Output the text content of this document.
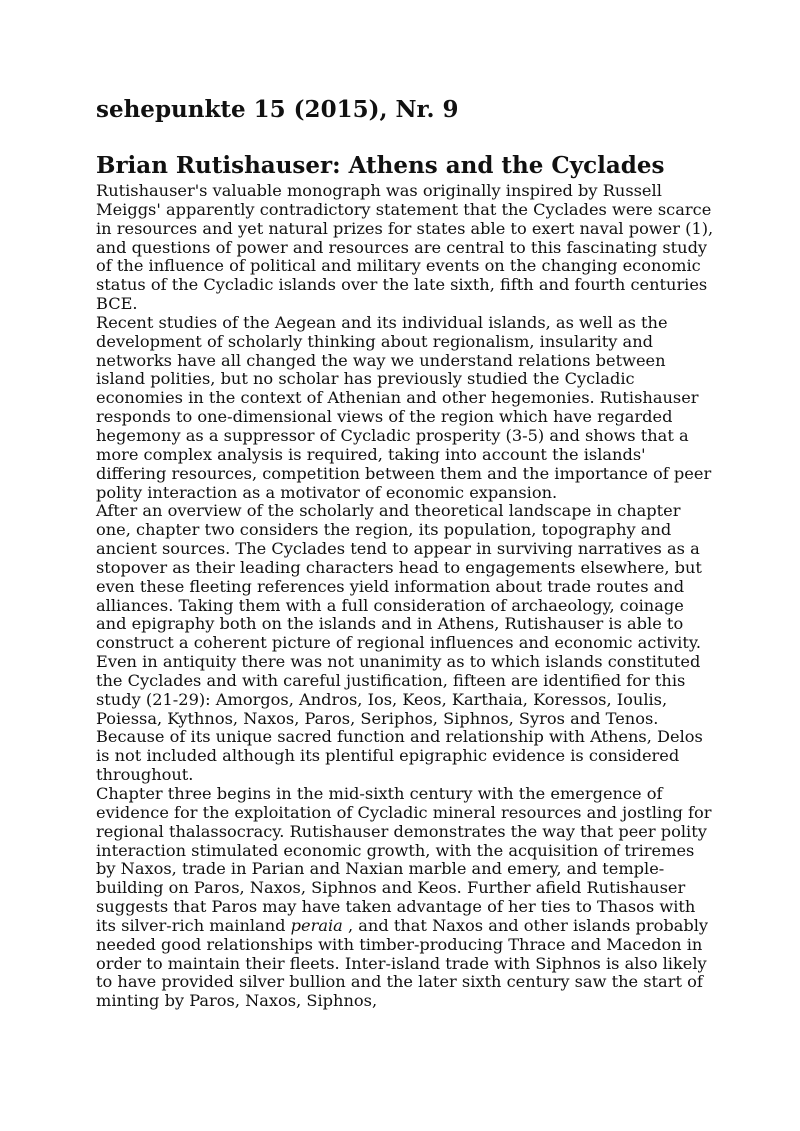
sehepunkte 15 (2015), Nr. 9
Brian Rutishauser: Athens and the Cyclades

Rutishauser's valuable monograph was originally inspired by Russell Meiggs' apparently contradictory statement that the Cyclades were scarce in resources and yet natural prizes for states able to exert naval power (1), and questions of power and resources are central to this fascinating study of the influence of political and military events on the changing economic status of the Cycladic islands over the late sixth, fifth and fourth centuries BCE.

Recent studies of the Aegean and its individual islands, as well as the development of scholarly thinking about regionalism, insularity and networks have all changed the way we understand relations between island polities, but no scholar has previously studied the Cycladic economies in the context of Athenian and other hegemonies. Rutishauser responds to one-dimensional views of the region which have regarded hegemony as a suppressor of Cycladic prosperity (3-5) and shows that a more complex analysis is required, taking into account the islands' differing resources, competition between them and the importance of peer polity interaction as a motivator of economic expansion.

After an overview of the scholarly and theoretical landscape in chapter one, chapter two considers the region, its population, topography and ancient sources. The Cyclades tend to appear in surviving narratives as a stopover as their leading characters head to engagements elsewhere, but even these fleeting references yield information about trade routes and alliances. Taking them with a full consideration of archaeology, coinage and epigraphy both on the islands and in Athens, Rutishauser is able to construct a coherent picture of regional influences and economic activity.

Even in antiquity there was not unanimity as to which islands constituted the Cyclades and with careful justification, fifteen are identified for this study (21-29): Amorgos, Andros, Ios, Keos, Karthaia, Koressos, Ioulis, Poiessa, Kythnos, Naxos, Paros, Seriphos, Siphnos, Syros and Tenos. Because of its unique sacred function and relationship with Athens, Delos is not included although its plentiful epigraphic evidence is considered throughout.

Chapter three begins in the mid-sixth century with the emergence of evidence for the exploitation of Cycladic mineral resources and jostling for regional thalassocracy. Rutishauser demonstrates the way that peer polity interaction stimulated economic growth, with the acquisition of triremes by Naxos, trade in Parian and Naxian marble and emery, and temple-building on Paros, Naxos, Siphnos and Keos. Further afield Rutishauser suggests that Paros may have taken advantage of her ties to Thasos with its silver-rich mainland peraia , and that Naxos and other islands probably needed good relationships with timber-producing Thrace and Macedon in order to maintain their fleets. Inter-island trade with Siphnos is also likely to have provided silver bullion and the later sixth century saw the start of minting by Paros, Naxos, Siphnos,
